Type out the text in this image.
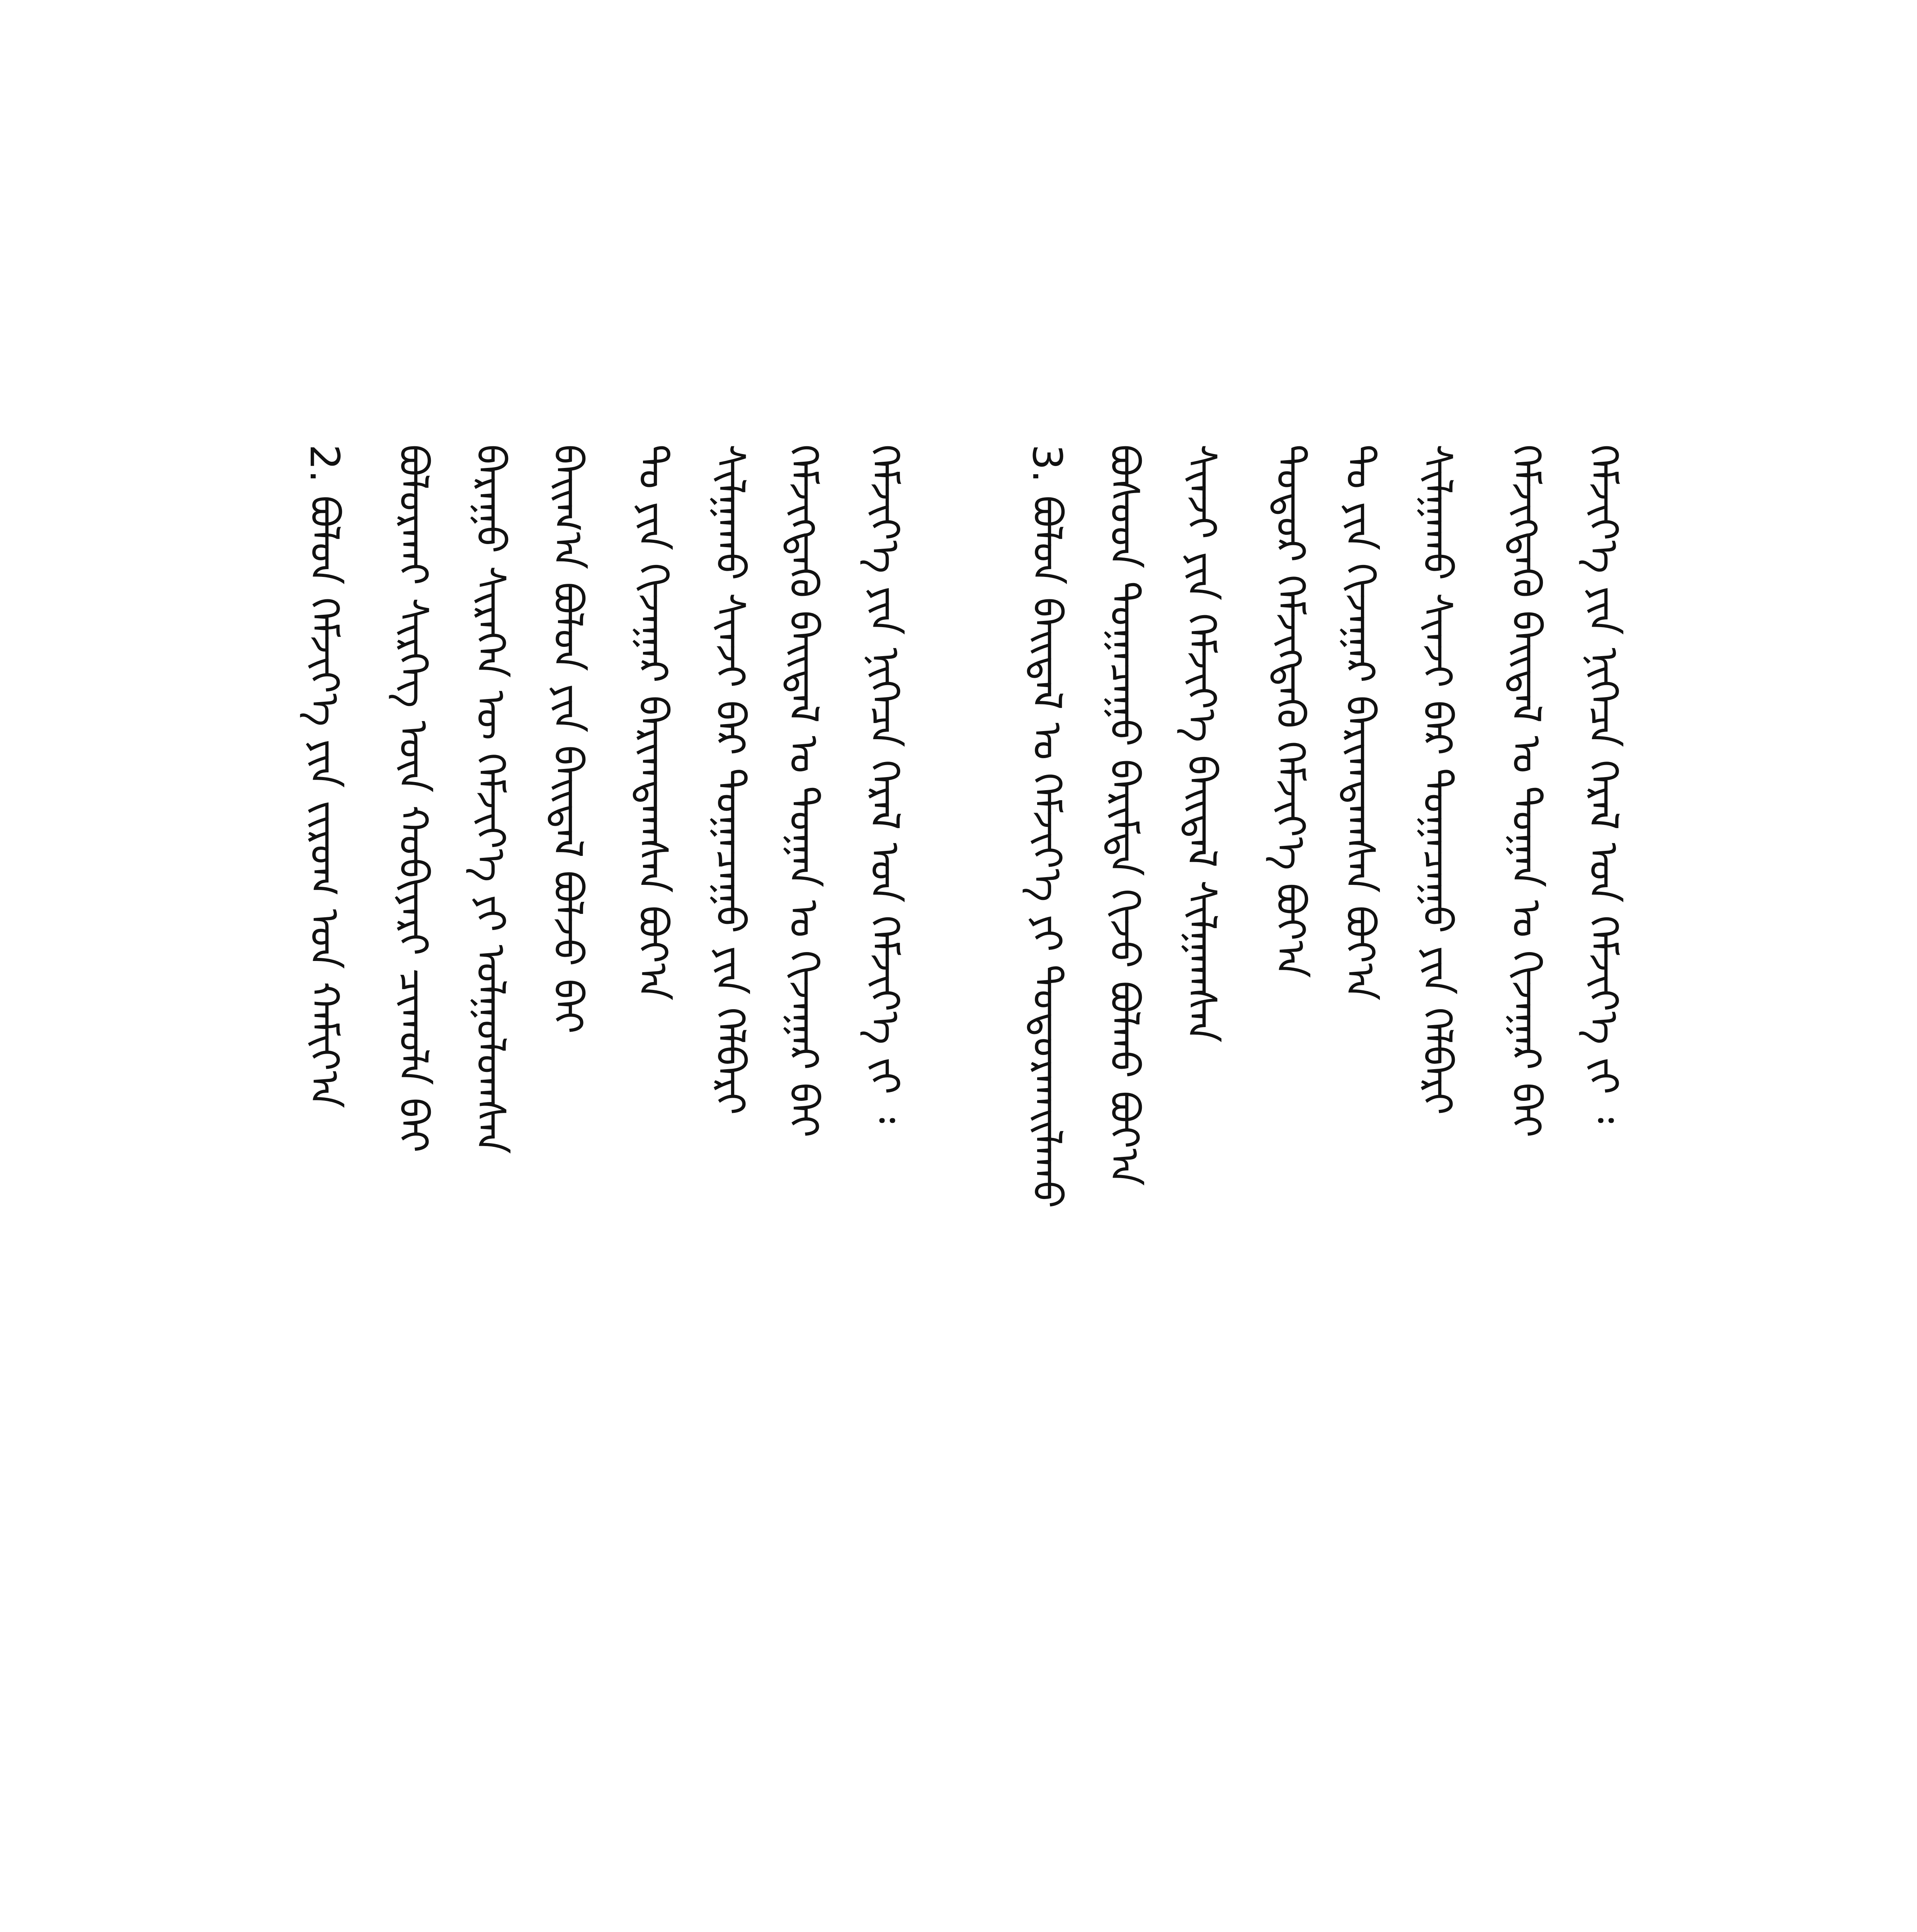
2. ᠪᠣᠯᠤᠨ ᠬᠡᠮᠵᠢᠶ᠎ᠡ ᠶᠢᠨ ᠵᠢᠷᠤᠭ ᠤᠨ ᠬᠠᠮᠢᠶ᠎ᠠ ᠪᠤᠯᠣᠷᠬᠠᠢ ᠰᠢᠷᠬᠡᠭ ᠦᠨ ᠬᠤᠪᠢᠶᠠᠷᠢ ᠴᠢᠬᠤᠯᠠ ᠪᠠᠢ ᠪᠠᠷᠠᠭᠤ ᠰᠢᠷᠡᠭᠡᠨ ᠦ ᠬᠡᠮᠵᠢᠶ᠎ᠡ ᠶᠢ ᠣᠯᠭᠤᠯᠤᠭᠰᠠᠨ ᠪᠠᠢᠭ᠎ᠠ ᠪᠣᠯᠤᠨ ᠶᠢᠨ ᠪᠠᠢᠳᠠᠯ ᠪᠣᠯᠵᠤ ᠪᠠᠢ ᠲᠣ ᠶᠢᠨ ᠬᠢᠵᠠᠭᠠᠷ ᠪᠠᠷᠢᠭᠳᠠᠭᠰᠠᠨ ᠪᠤᠶ᠎ᠠ ᠰᠢᠯᠭᠠᠬᠤ ᠰᠢᠨᠵᠢ ᠪᠠᠷ ᠲᠣᠭᠠᠴᠠᠭᠤ ᠶᠢᠨ ᠬᠡᠯᠪᠡᠷᠢ ᠬᠡᠮᠵᠢᠭᠳᠡᠬᠦ ᠪᠠᠢᠳᠠᠯ ᠤ ᠲᠣᠭᠠᠨ ᠤ ᠬᠢᠵᠠᠭᠠᠷ ᠪᠠᠢ ᠬᠡᠮᠵᠢᠶ᠎ᠡ ᠶᠢᠨ ᠨᠢᠭᠡᠴᠡ ᠭᠡᠷᠡᠯ ᠤᠨ ᠬᠡᠮᠵᠢᠶ᠎ᠡ ᠵᠢ ᠄	3. ᠪᠣᠯᠤᠨ ᠪᠠᠢᠳᠠᠯ ᠤ ᠬᠡᠮᠵᠢᠶ᠎ᠡ ᠶᠢ ᠲᠣᠳᠣᠷᠬᠠᠢᠯᠠᠬᠤ ᠪᠤᠰᠤᠳ ᠲᠣᠭᠠᠴᠠᠭᠤ ᠪᠠᠷᠢᠮᠲᠠ ᠬᠢᠵᠤ ᠪᠣᠯᠬᠤ ᠪᠤᠶ᠎ᠠ ᠰᠢᠨᠵᠢ ᠶᠢᠨ ᠬᠡᠮᠵᠢᠶ᠎ᠡ ᠪᠠᠢᠳᠠᠯ ᠰᠢᠯᠭᠠᠭᠰᠠᠨ ᠳᠣᠲᠣᠷ ᠬᠡᠮᠵᠢᠭᠳᠡᠬᠦ ᠬᠡᠮᠵᠢᠶ᠎ᠡ ᠪᠤᠶ᠎ᠠ ᠲᠣ ᠶᠢᠨ ᠬᠢᠵᠠᠭᠠᠷ ᠪᠠᠷᠢᠭᠳᠠᠭᠰᠠᠨ ᠪᠤᠶ᠎ᠠ ᠰᠢᠯᠭᠠᠬᠤ ᠰᠢᠨᠵᠢ ᠪᠠᠷ ᠲᠣᠭᠠᠴᠠᠭᠤ ᠶᠢᠨ ᠬᠡᠯᠪᠡᠷᠢ ᠬᠡᠮᠵᠢᠭᠳᠡᠬᠦ ᠪᠠᠢᠳᠠᠯ ᠤ ᠲᠣᠭᠠᠨ ᠤ ᠬᠢᠵᠠᠭᠠᠷ ᠪᠠᠢ ᠬᠡᠮᠵᠢᠶ᠎ᠡ ᠶᠢᠨ ᠨᠢᠭᠡᠴᠡ ᠭᠡᠷᠡᠯ ᠤᠨ ᠬᠡᠮᠵᠢᠶ᠎ᠡ ᠵᠢ ᠄
